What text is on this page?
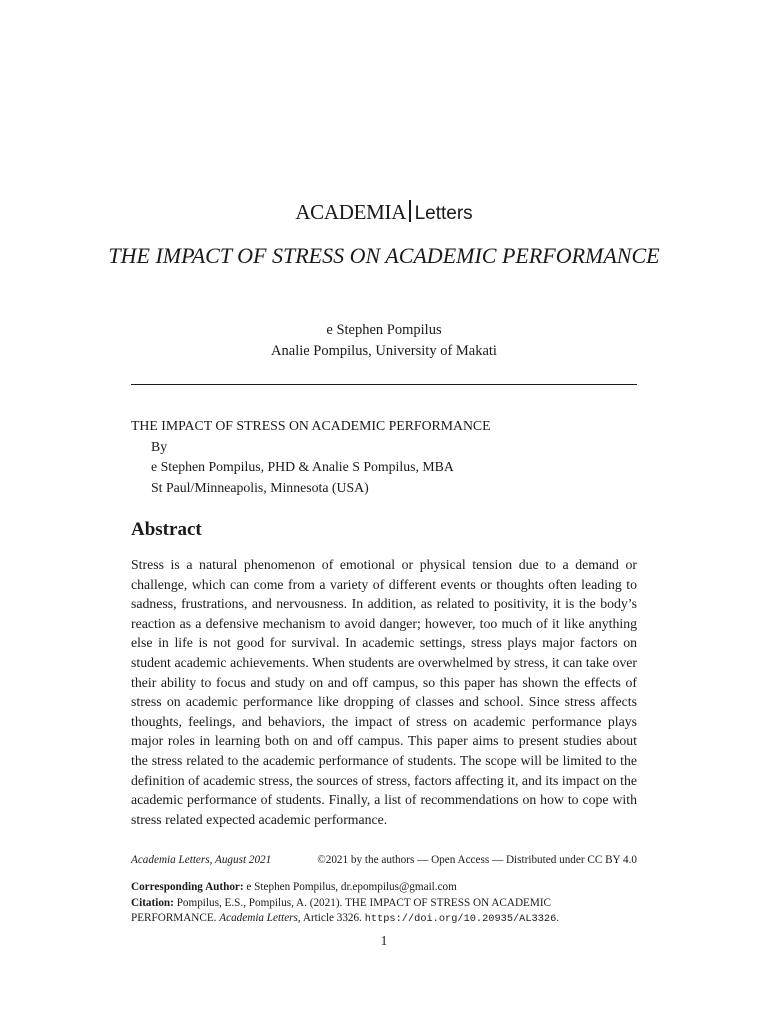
ACADEMIA Letters
THE IMPACT OF STRESS ON ACADEMIC PERFORMANCE
e Stephen Pompilus
Analie Pompilus, University of Makati
THE IMPACT OF STRESS ON ACADEMIC PERFORMANCE
By
e Stephen Pompilus, PHD & Analie S Pompilus, MBA
St Paul/Minneapolis, Minnesota (USA)
Abstract

Stress is a natural phenomenon of emotional or physical tension due to a demand or challenge, which can come from a variety of different events or thoughts often leading to sadness, frustrations, and nervousness. In addition, as related to positivity, it is the body’s reaction as a defensive mechanism to avoid danger; however, too much of it like anything else in life is not good for survival. In academic settings, stress plays major factors on student academic achievements. When students are overwhelmed by stress, it can take over their ability to focus and study on and off campus, so this paper has shown the effects of stress on academic performance like dropping of classes and school. Since stress affects thoughts, feelings, and behaviors, the impact of stress on academic performance plays major roles in learning both on and off campus. This paper aims to present studies about the stress related to the academic performance of students. The scope will be limited to the definition of academic stress, the sources of stress, factors affecting it, and its impact on the academic performance of students. Finally, a list of recommendations on how to cope with stress related expected academic performance.

Academia Letters, August 2021	©2021 by the authors — Open Access — Distributed under CC BY 4.0
Corresponding Author: e Stephen Pompilus, dr.epompilus@gmail.com
Citation: Pompilus, E.S., Pompilus, A. (2021). THE IMPACT OF STRESS ON ACADEMIC PERFORMANCE. Academia Letters, Article 3326. https://doi.org/10.20935/AL3326.
1
